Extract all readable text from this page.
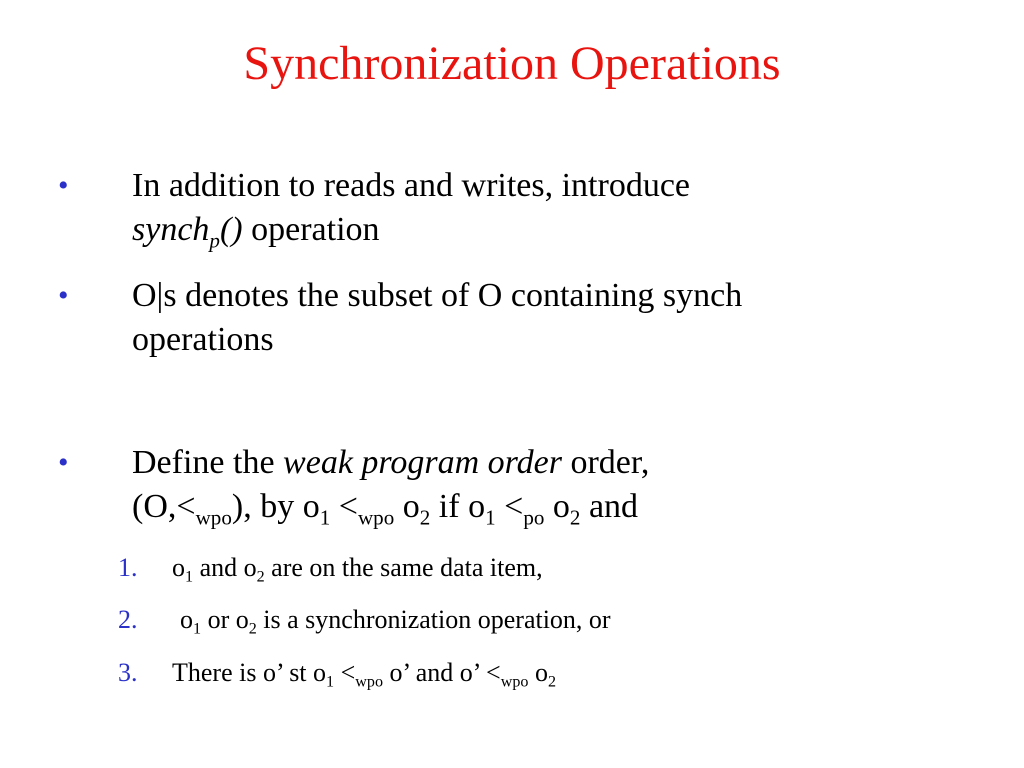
Synchronization Operations
• In addition to reads and writes, introduce
synch$_p$() operation
• O|s denotes the subset of O containing synch
operations
• Define the weak program order order,
$(O,<_{wpo})$, by $o_1 <_{wpo}$ $o_2$ if $o_1 <_{po}$ $o_2$ and
1. $o_1$ and $o_2$ are on the same data item,
2. $o_1$ or $o_2$ is a synchronization operation, or
3. There is o’ st $o_1 <_{wpo}$ o’ and o’ $<_{wpo}$ $o_2$
